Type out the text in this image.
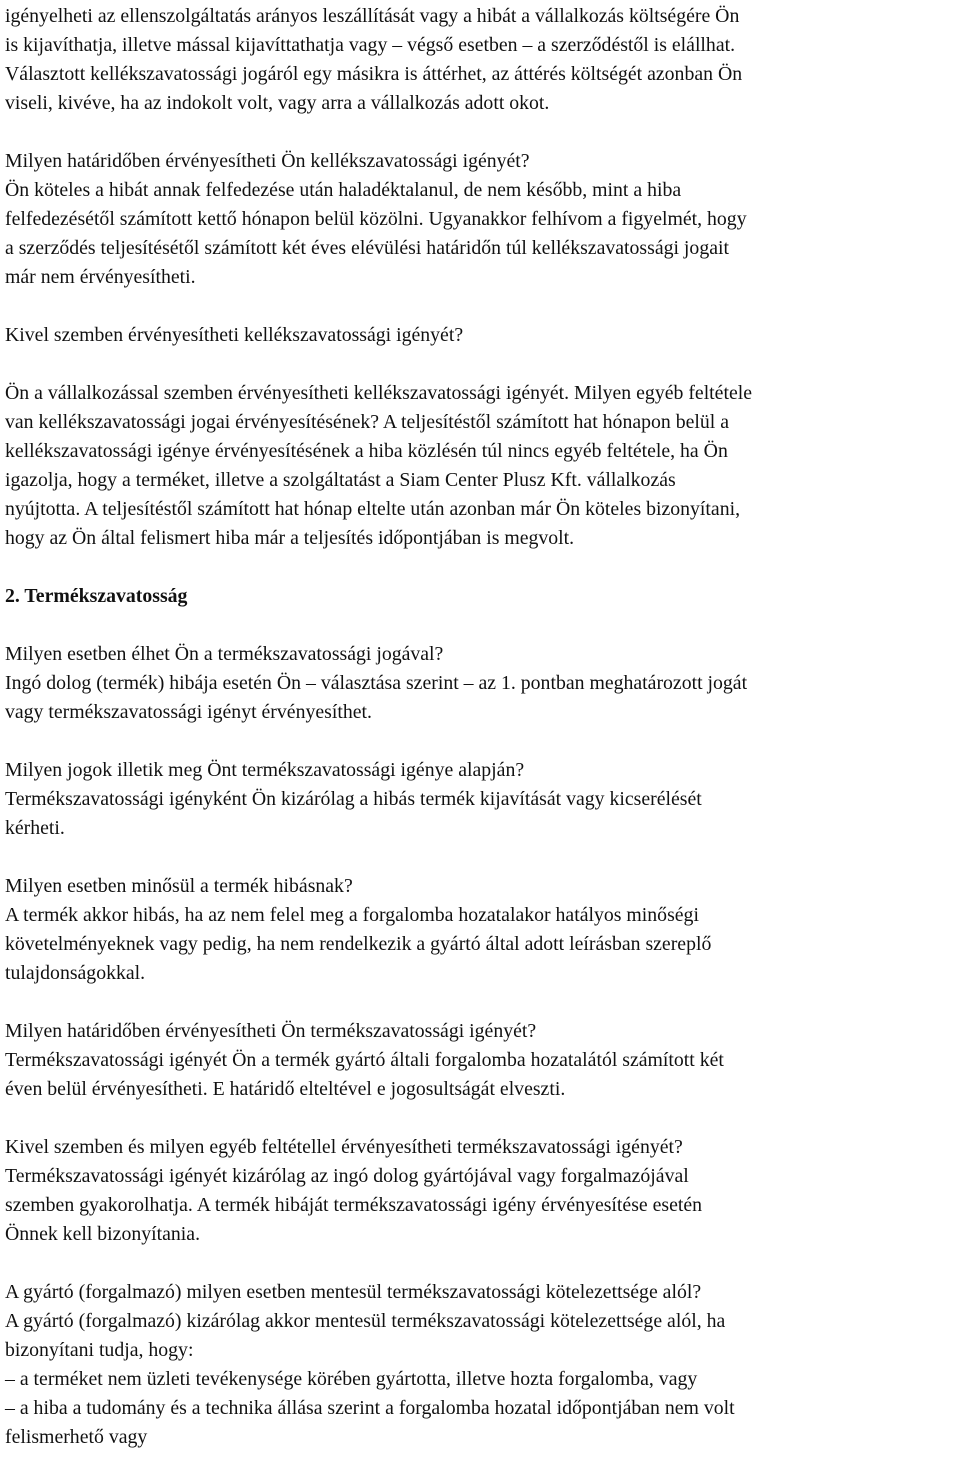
igényelheti az ellenszolgáltatás arányos leszállítását vagy a hibát a vállalkozás költségére Ön
is kijavíthatja, illetve mással kijavíttathatja vagy – végső esetben – a szerződéstől is elállhat.
Választott kellékszavatossági jogáról egy másikra is áttérhet, az áttérés költségét azonban Ön
viseli, kivéve, ha az indokolt volt, vagy arra a vállalkozás adott okot.
Milyen határidőben érvényesítheti Ön kellékszavatossági igényét?
Ön köteles a hibát annak felfedezése után haladéktalanul, de nem később, mint a hiba
felfedezésétől számított kettő hónapon belül közölni. Ugyanakkor felhívom a figyelmét, hogy
a szerződés teljesítésétől számított két éves elévülési határidőn túl kellékszavatossági jogait
már nem érvényesítheti.
Kivel szemben érvényesítheti kellékszavatossági igényét?
Ön a vállalkozással szemben érvényesítheti kellékszavatossági igényét. Milyen egyéb feltétele
van kellékszavatossági jogai érvényesítésének? A teljesítéstől számított hat hónapon belül a
kellékszavatossági igénye érvényesítésének a hiba közlésén túl nincs egyéb feltétele, ha Ön
igazolja, hogy a terméket, illetve a szolgáltatást a Siam Center Plusz Kft. vállalkozás
nyújtotta. A teljesítéstől számított hat hónap eltelte után azonban már Ön köteles bizonyítani,
hogy az Ön által felismert hiba már a teljesítés időpontjában is megvolt.
2. Termékszavatosság
Milyen esetben élhet Ön a termékszavatossági jogával?
Ingó dolog (termék) hibája esetén Ön – választása szerint – az 1. pontban meghatározott jogát
vagy termékszavatossági igényt érvényesíthet.
Milyen jogok illetik meg Önt termékszavatossági igénye alapján?
Termékszavatossági igényként Ön kizárólag a hibás termék kijavítását vagy kicserélését
kérheti.
Milyen esetben minősül a termék hibásnak?
A termék akkor hibás, ha az nem felel meg a forgalomba hozatalakor hatályos minőségi
követelményeknek vagy pedig, ha nem rendelkezik a gyártó által adott leírásban szereplő
tulajdonságokkal.
Milyen határidőben érvényesítheti Ön termékszavatossági igényét?
Termékszavatossági igényét Ön a termék gyártó általi forgalomba hozatalától számított két
éven belül érvényesítheti. E határidő elteltével e jogosultságát elveszti.
Kivel szemben és milyen egyéb feltétellel érvényesítheti termékszavatossági igényét?
Termékszavatossági igényét kizárólag az ingó dolog gyártójával vagy forgalmazójával
szemben gyakorolhatja. A termék hibáját termékszavatossági igény érvényesítése esetén
Önnek kell bizonyítania.
A gyártó (forgalmazó) milyen esetben mentesül termékszavatossági kötelezettsége alól?
A gyártó (forgalmazó) kizárólag akkor mentesül termékszavatossági kötelezettsége alól, ha
bizonyítani tudja, hogy:
– a terméket nem üzleti tevékenysége körében gyártotta, illetve hozta forgalomba, vagy
– a hiba a tudomány és a technika állása szerint a forgalomba hozatal időpontjában nem volt
felismerhető vagy
